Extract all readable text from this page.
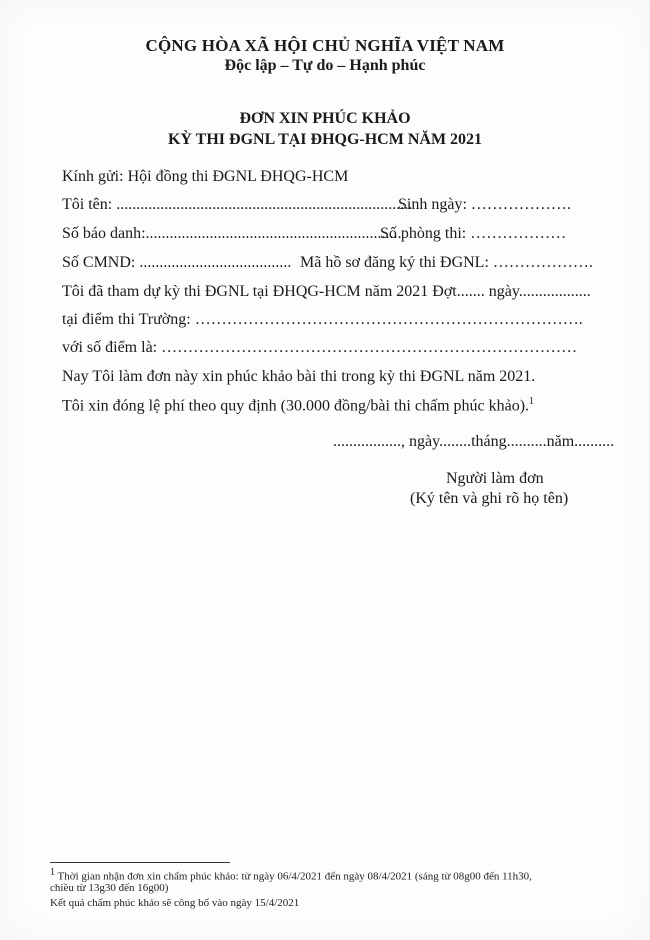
CỘNG HÒA XÃ HỘI CHỦ NGHĨA VIỆT NAM
Độc lập – Tự do – Hạnh phúc
ĐƠN XIN PHÚC KHẢO
KỲ THI ĐGNL TẠI ĐHQG-HCM NĂM 2021
Kính gửi: Hội đồng thi ĐGNL ĐHQG-HCM
Tôi tên: ..........................................................................
Sinh ngày: ……………….
Số báo danh:................................................................
Số phòng thi: ………………
Số CMND: ...................................... Mã hồ sơ đăng ký thi ĐGNL: ……………….
Tôi đã tham dự kỳ thi ĐGNL tại ĐHQG-HCM năm 2021 Đợt....... ngày..................
tại điểm thi Trường: ……………………………………………………………….
với số điểm là: ……………………………………………………………………
Nay Tôi làm đơn này xin phúc khảo bài thi trong kỳ thi ĐGNL năm 2021.
Tôi xin đóng lệ phí theo quy định (30.000 đồng/bài thi chấm phúc khảo).$^1$
................., ngày........tháng..........năm..........
Người làm đơn
(Ký tên và ghi rõ họ tên)
$^1$ Thời gian nhận đơn xin chấm phúc khảo: từ ngày 06/4/2021 đến ngày 08/4/2021 (sáng từ 08g00 đến 11h30,
chiều từ 13g30 đến 16g00)
Kết quả chấm phúc khảo sẽ công bố vào ngày 15/4/2021
